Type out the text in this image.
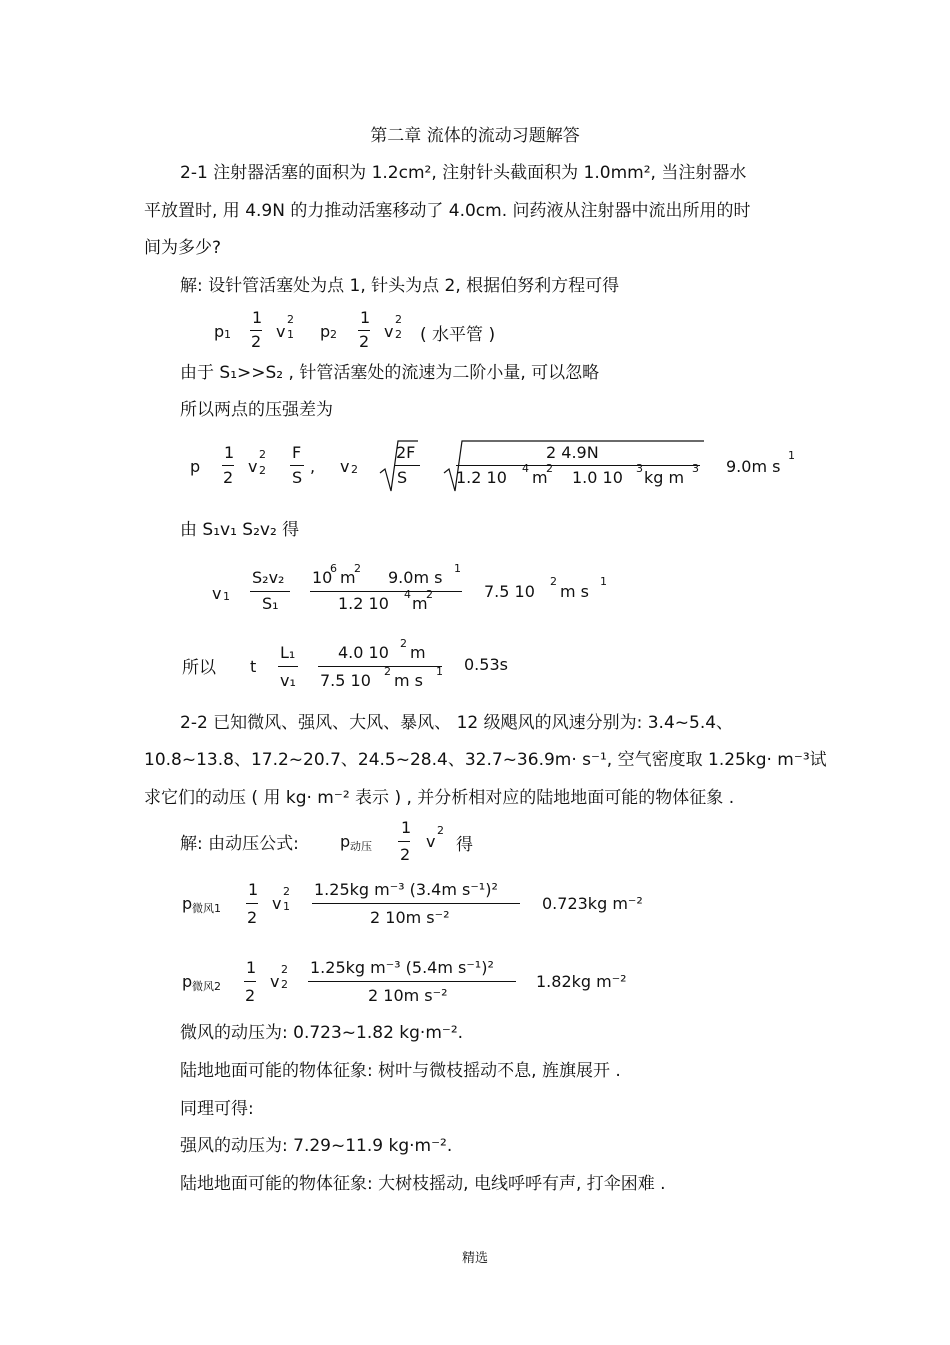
第二章 流体的流动习题解答
2-1 注射器活塞的面积为 1.2cm², 注射针头截面积为 1.0mm², 当注射器水
平放置时, 用 4.9N 的力推动活塞移动了 4.0cm. 问药液从注射器中流出所用的时
间为多少?
解: 设针管活塞处为点 1, 针头为点 2, 根据伯努利方程可得
p 1
1
2
v
2
1 p 2
1
2
v
2
2 ( 水平管 )
由于 S₁>>S₂ , 针管活塞处的流速为二阶小量, 可以忽略
所以两点的压强差为
p
1
2
v
2
2
F
S
, v 2
2F
S
2 4.9N
1.2 10 4 m
2 1.0 10 3 kg m 3 9.0m s
1
由 S₁v₁ S₂v₂ 得
v 1
S₂v₂
S₁
10
6 m
2 9.0m s 1
1.2 10 4 m
2	7.5 10
2
m s
1
所以 t
L₁
v₁
4.0 10 2 m
7.5 10 2 m s 1 0.53s
2-2 已知微风、强风、大风、暴风、 12 级飓风的风速分别为: 3.4~5.4、
10.8~13.8、17.2~20.7、24.5~28.4、32.7~36.9m· s⁻¹, 空气密度取 1.25kg· m⁻³试
求它们的动压 ( 用 kg· m⁻² 表示 ) , 并分析相对应的陆地地面可能的物体征象 .
解: 由动压公式:	p 动压
1
2
v
2
得
p 微风1
1
2
v
2
1
1.25kg m⁻³ (3.4m s⁻¹)²
2 10m s⁻²
0.723kg m⁻²
p 微风2
1
2
v
2
2
1.25kg m⁻³ (5.4m s⁻¹)²
2 10m s⁻²
1.82kg m⁻²
微风的动压为: 0.723~1.82 kg·m⁻².
陆地地面可能的物体征象: 树叶与微枝摇动不息, 旌旗展开 .
同理可得:
强风的动压为: 7.29~11.9 kg·m⁻².
陆地地面可能的物体征象: 大树枝摇动, 电线呼呼有声, 打伞困难 .
精选
